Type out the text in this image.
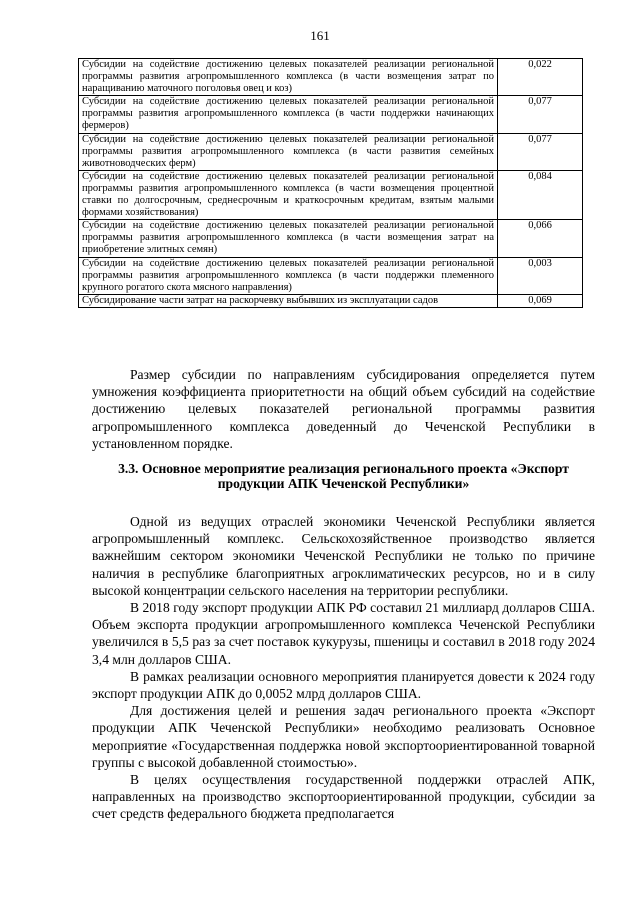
161
Субсидии на содействие достижению целевых показателей реализации региональной программы развития агропромышленного комплекса (в части возмещения затрат по наращиванию маточного поголовья овец и коз)	0,022
Субсидии на содействие достижению целевых показателей реализации региональной программы развития агропромышленного комплекса (в части поддержки начинающих фермеров)	0,077
Субсидии на содействие достижению целевых показателей реализации региональной программы развития агропромышленного комплекса (в части развития семейных животноводческих ферм)	0,077
Субсидии на содействие достижению целевых показателей реализации региональной программы развития агропромышленного комплекса (в части возмещения процентной ставки по долгосрочным, среднесрочным и краткосрочным кредитам, взятым малыми формами хозяйствования)	0,084
Субсидии на содействие достижению целевых показателей реализации региональной программы развития агропромышленного комплекса (в части возмещения затрат на приобретение элитных семян)	0,066
Субсидии на содействие достижению целевых показателей реализации региональной программы развития агропромышленного комплекса (в части поддержки племенного крупного рогатого скота мясного направления)	0,003
Субсидирование части затрат на раскорчевку выбывших из эксплуатации садов	0,069

Размер субсидии по направлениям субсидирования определяется путем умножения коэффициента приоритетности на общий объем субсидий на содействие достижению целевых показателей региональной программы развития агропромышленного комплекса доведенный до Чеченской Республики в установленном порядке.

3.3. Основное мероприятие реализация регионального проекта «Экспорт продукции АПК Чеченской Республики»

Одной из ведущих отраслей экономики Чеченской Республики является агропромышленный комплекс. Сельскохозяйственное производство является важнейшим сектором экономики Чеченской Республики не только по причине наличия в республике благоприятных агроклиматических ресурсов, но и в силу высокой концентрации сельского населения на территории республики.

В 2018 году экспорт продукции АПК РФ составил 21 миллиард долларов США. Объем экспорта продукции агропромышленного комплекса Чеченской Республики увеличился в 5,5 раз за счет поставок кукурузы, пшеницы и составил в 2018 году 2024 3,4 млн долларов США.

В рамках реализации основного мероприятия планируется довести к 2024 году экспорт продукции АПК до 0,0052 млрд долларов США.

Для достижения целей и решения задач регионального проекта «Экспорт продукции АПК Чеченской Республики» необходимо реализовать Основное мероприятие «Государственная поддержка новой экспортоориентированной товарной группы с высокой добавленной стоимостью».

В целях осуществления государственной поддержки отраслей АПК, направленных на производство экспортоориентированной продукции, субсидии за счет средств федерального бюджета предполагается
